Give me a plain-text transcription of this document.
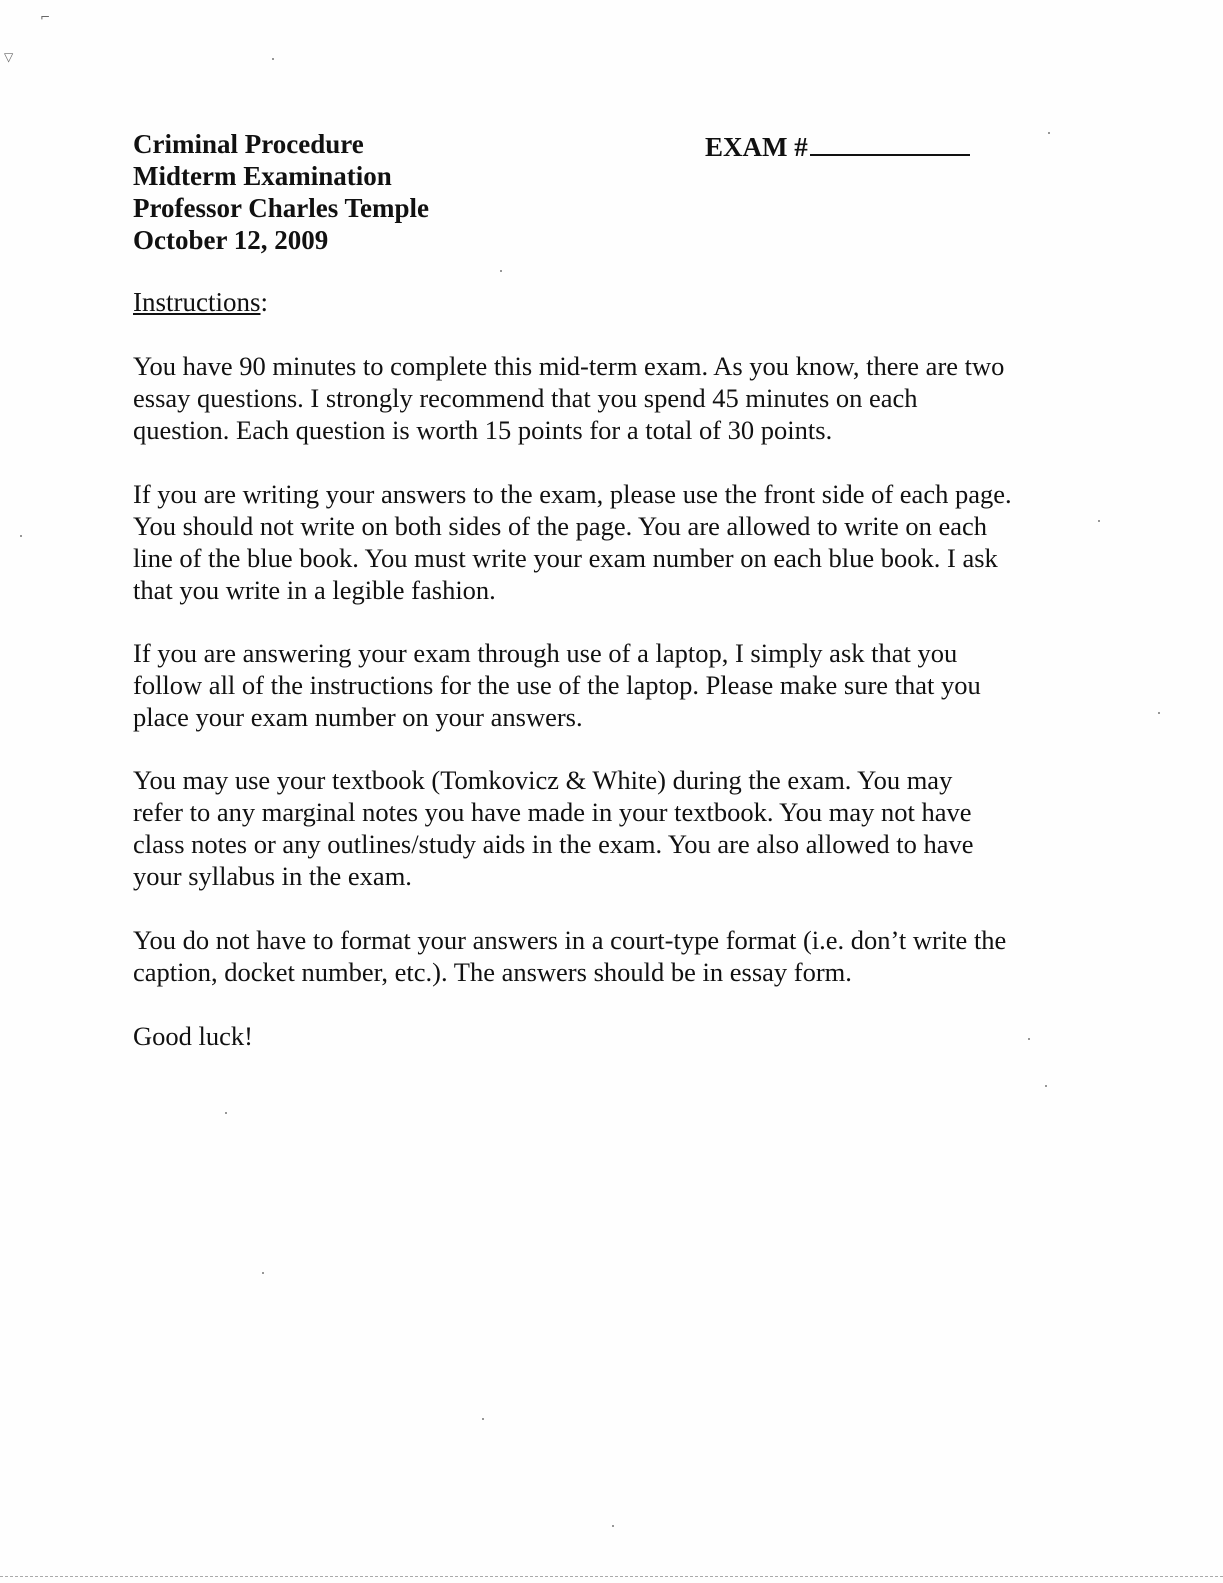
⌐
▽
Criminal Procedure
Midterm Examination
Professor Charles Temple
October 12, 2009
EXAM #
Instructions:

You have 90 minutes to complete this mid-term exam. As you know, there are two
essay questions. I strongly recommend that you spend 45 minutes on each
question. Each question is worth 15 points for a total of 30 points.

If you are writing your answers to the exam, please use the front side of each page.
You should not write on both sides of the page. You are allowed to write on each
line of the blue book. You must write your exam number on each blue book. I ask
that you write in a legible fashion.

If you are answering your exam through use of a laptop, I simply ask that you
follow all of the instructions for the use of the laptop. Please make sure that you
place your exam number on your answers.

You may use your textbook (Tomkovicz & White) during the exam. You may
refer to any marginal notes you have made in your textbook. You may not have
class notes or any outlines/study aids in the exam. You are also allowed to have
your syllabus in the exam.

You do not have to format your answers in a court-type format (i.e. don’t write the
caption, docket number, etc.). The answers should be in essay form.

Good luck!
